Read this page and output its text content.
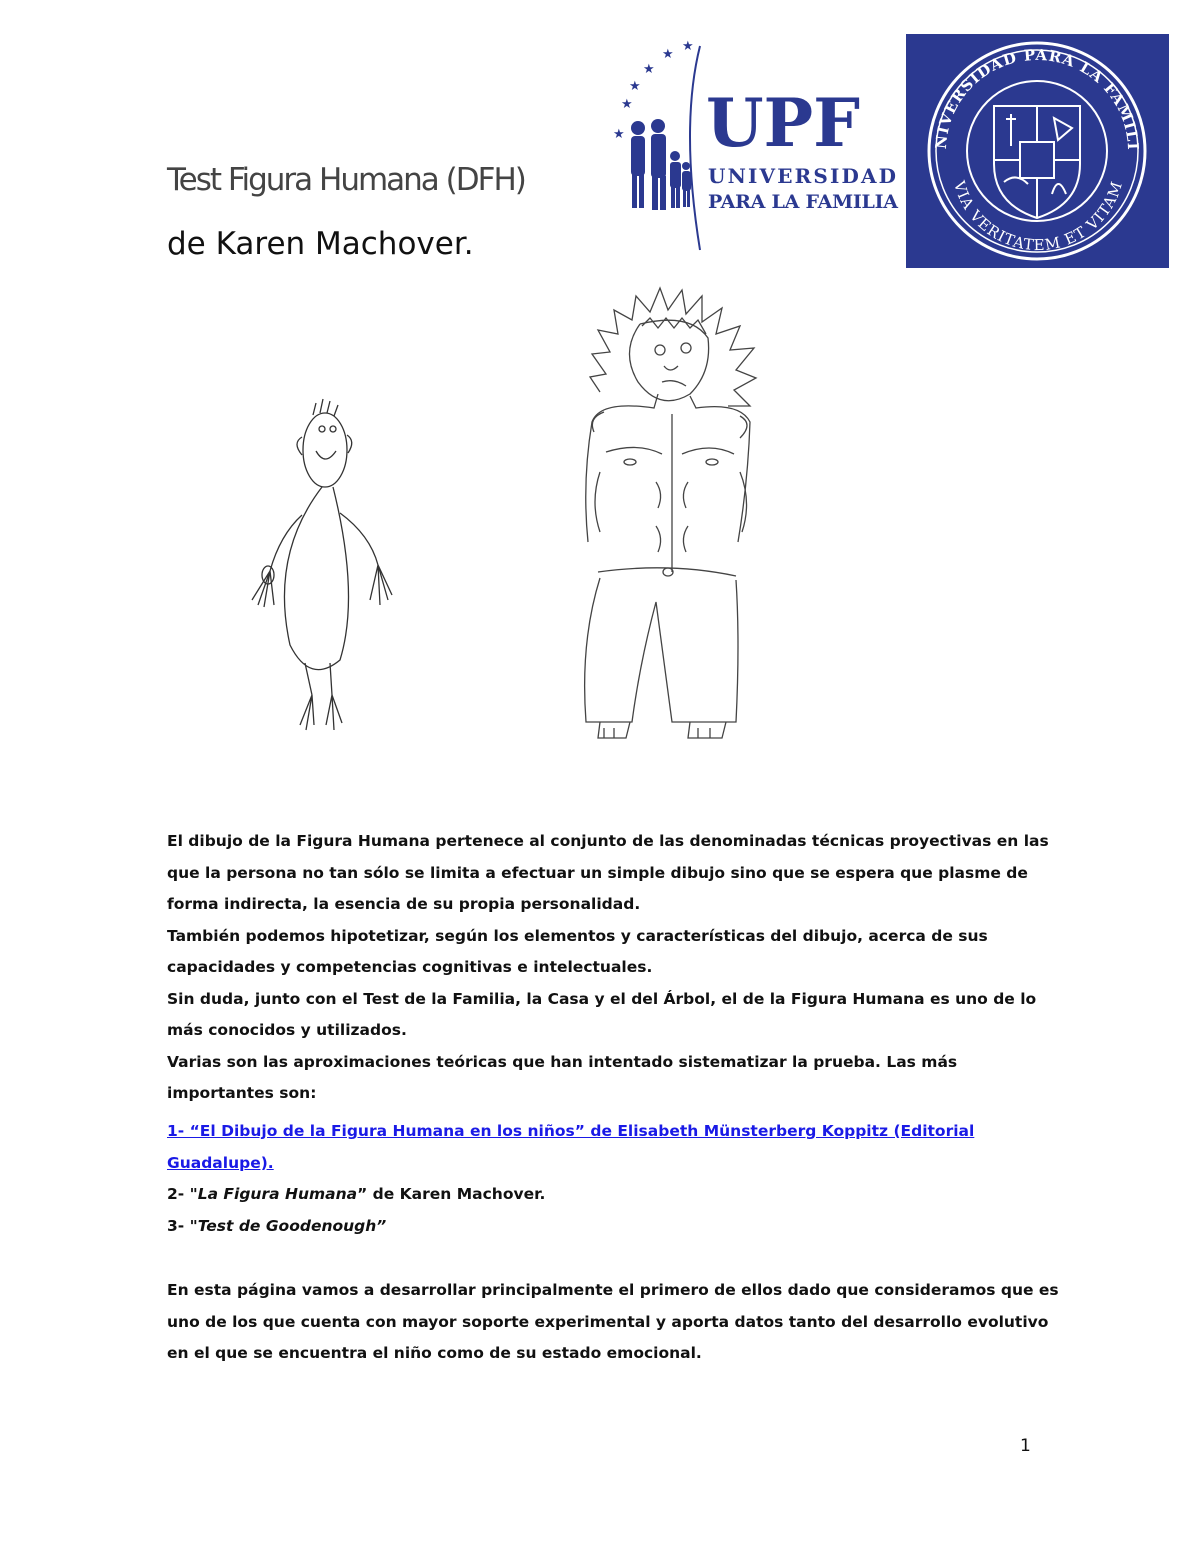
Test Figura Humana (DFH)
de Karen Machover.
★
★
★
★
★
★ UPF
UNIVERSIDAD
PARA LA FAMILIA
NIVERSIDAD PARA LA FAMILI
VIA VERITATEM ET VITAM

El dibujo de la Figura Humana pertenece al conjunto de las denominadas técnicas proyectivas en las que la persona no tan sólo se limita a efectuar un simple dibujo sino que se espera que plasme de forma indirecta, la esencia de su propia personalidad.

También podemos hipotetizar, según los elementos y características del dibujo, acerca de sus capacidades y competencias cognitivas e intelectuales.

Sin duda, junto con el Test de la Familia, la Casa y el del Árbol, el de la Figura Humana es uno de lo más conocidos y utilizados.

Varias son las aproximaciones teóricas que han intentado sistematizar la prueba. Las más importantes son:

1- “El Dibujo de la Figura Humana en los niños” de Elisabeth Münsterberg Koppitz (Editorial Guadalupe).

2- "La Figura Humana” de Karen Machover.

3- "Test de Goodenough”

En esta página vamos a desarrollar principalmente el primero de ellos dado que consideramos que es uno de los que cuenta con mayor soporte experimental y aporta datos tanto del desarrollo evolutivo en el que se encuentra el niño como de su estado emocional.

1
